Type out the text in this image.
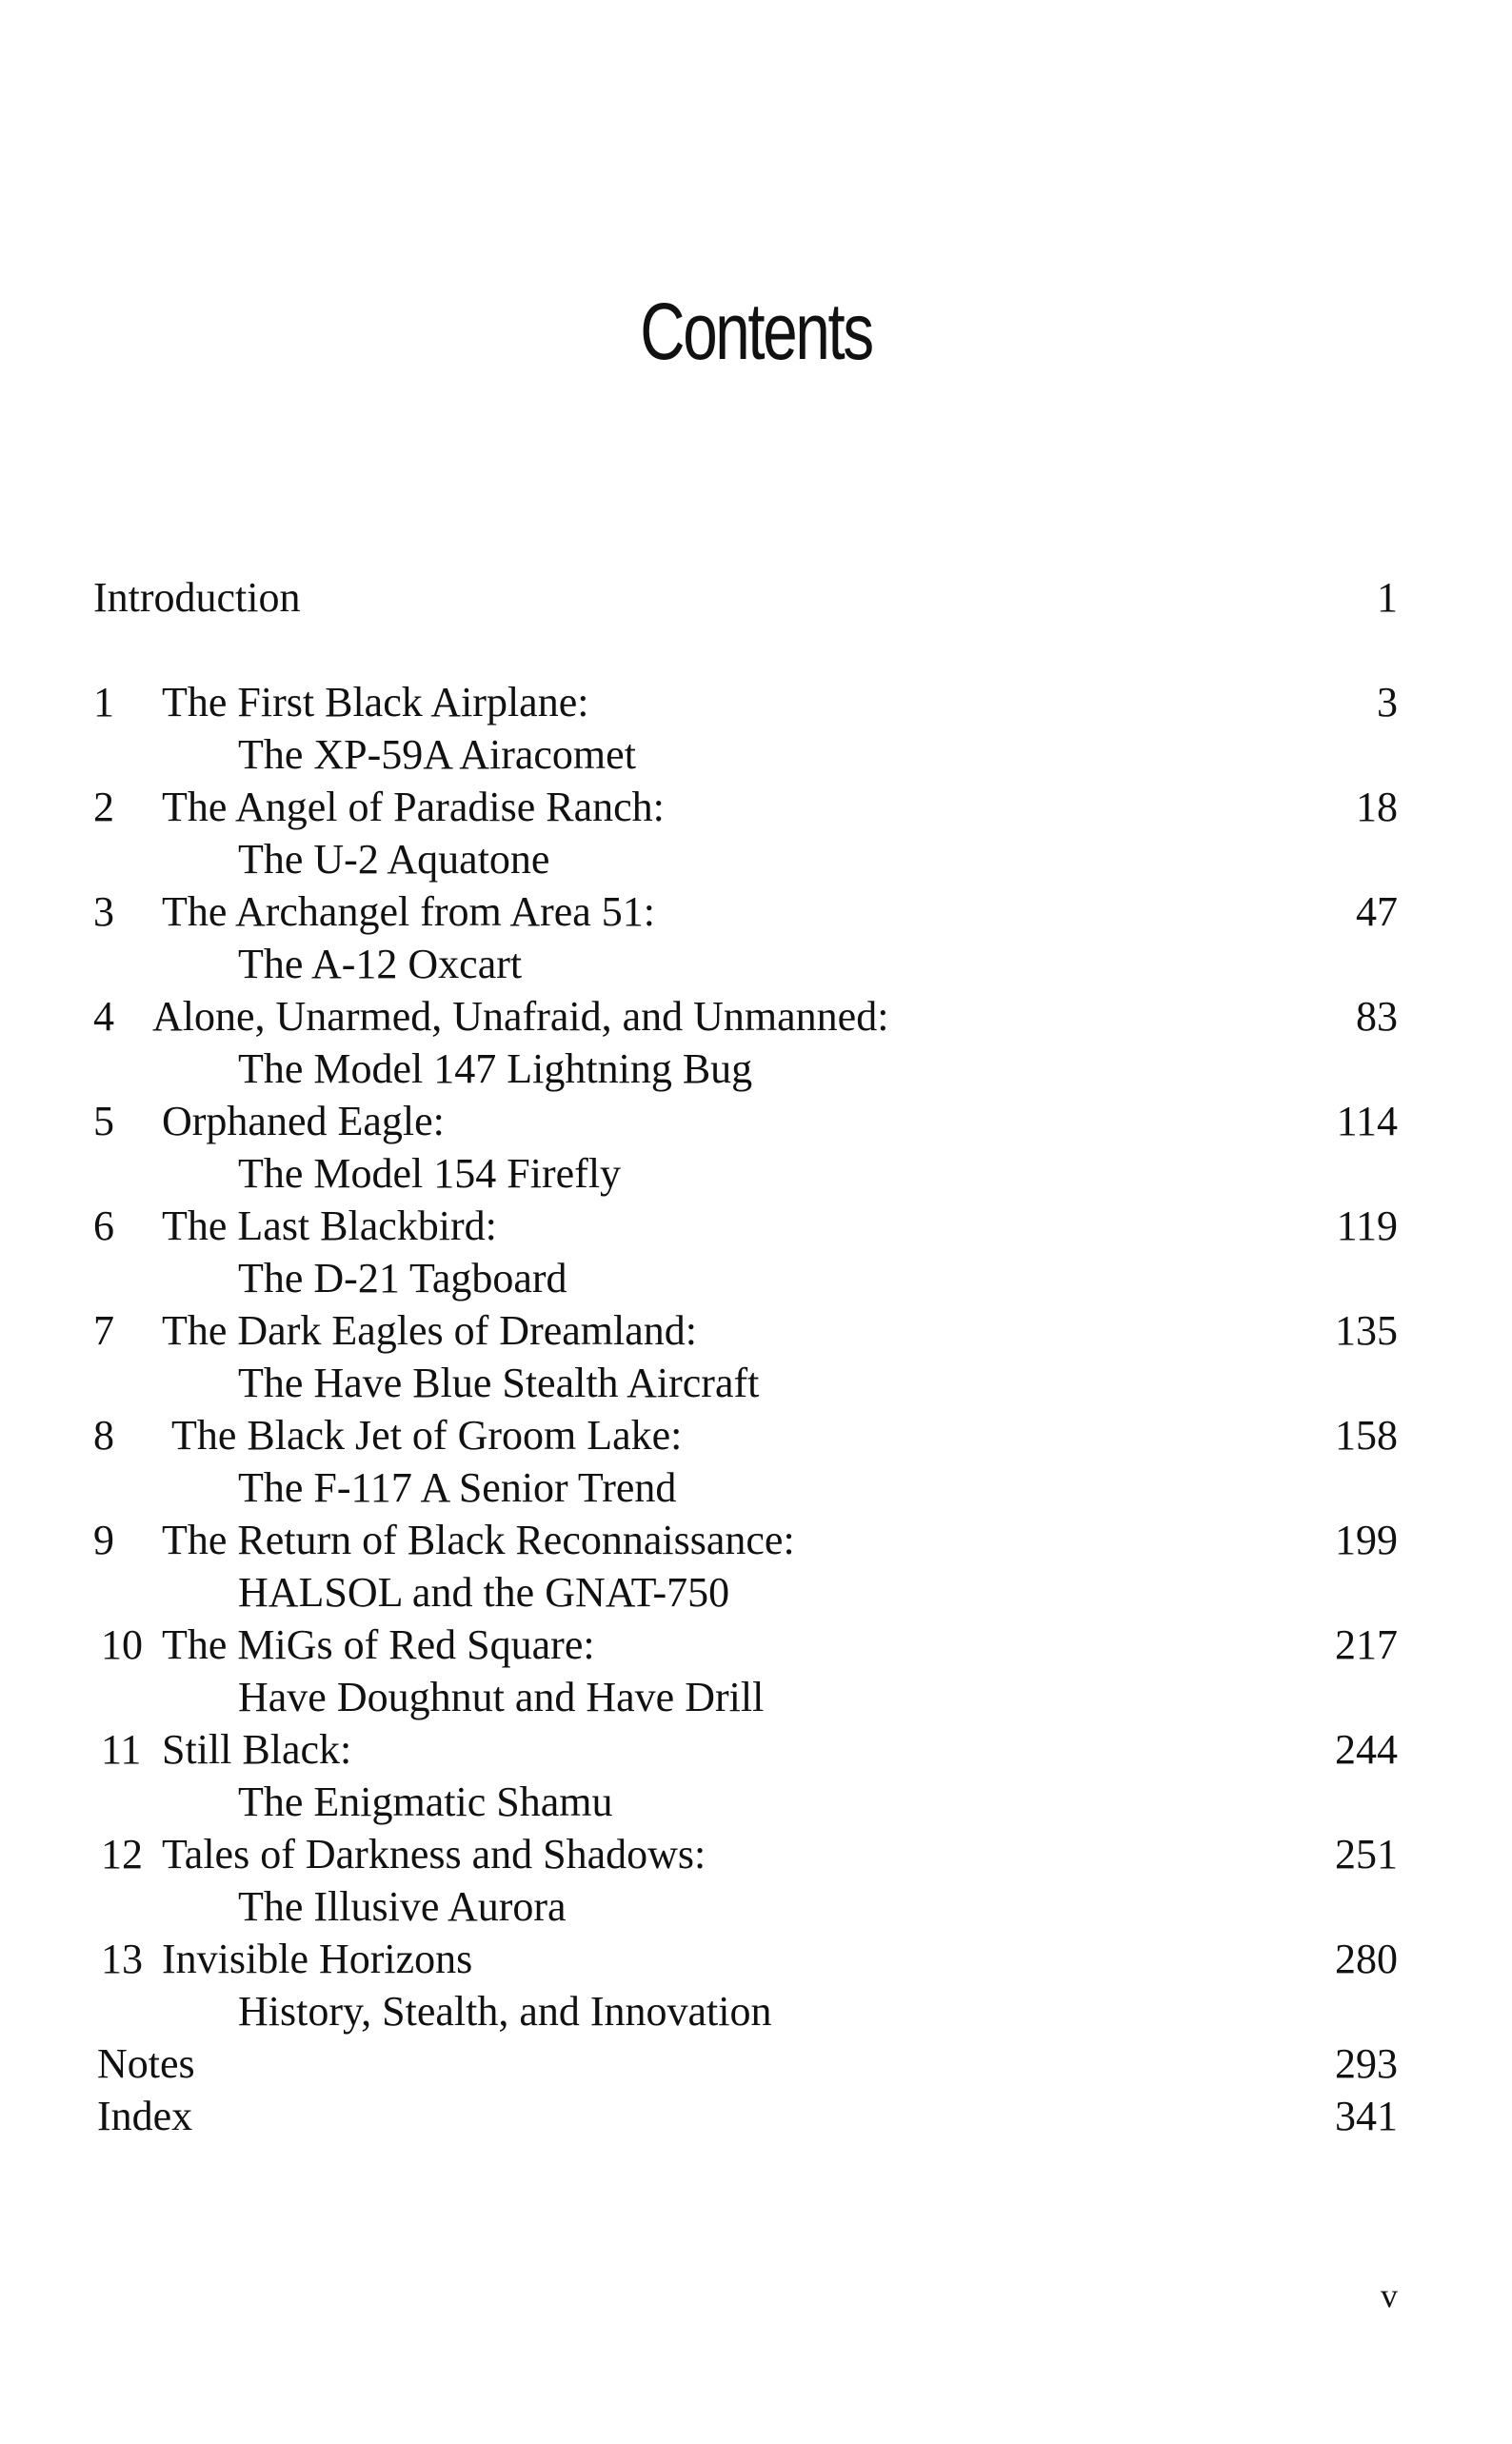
Contents
Introduction	1
1 The First Black Airplane:	3
The XP-59A Airacomet
2 The Angel of Paradise Ranch:	18
The U-2 Aquatone
3 The Archangel from Area 51:	47
The A-12 Oxcart
4 Alone, Unarmed, Unafraid, and Unmanned:	83
The Model 147 Lightning Bug
5 Orphaned Eagle:	114
The Model 154 Firefly
6 The Last Blackbird:	119
The D-21 Tagboard
7 The Dark Eagles of Dreamland:	135
The Have Blue Stealth Aircraft
8 The Black Jet of Groom Lake:	158
The F-117 A Senior Trend
9 The Return of Black Reconnaissance:	199
HALSOL and the GNAT-750
10 The MiGs of Red Square:	217
Have Doughnut and Have Drill
11 Still Black:	244
The Enigmatic Shamu
12 Tales of Darkness and Shadows:	251
The Illusive Aurora
13 Invisible Horizons	280
History, Stealth, and Innovation
Notes	293
Index	341
v
